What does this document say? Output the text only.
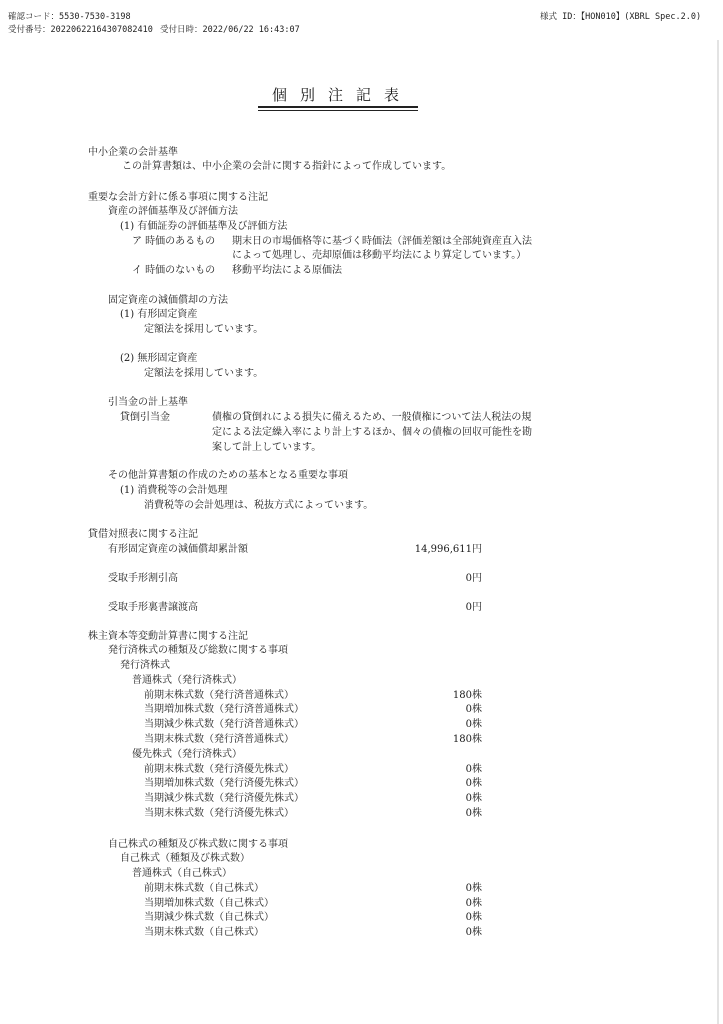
確認コード：5530-7530-3198
受付番号：20220622164307082410 受付日時：2022/06/22 16:43:07
様式 ID：【HON010】(XBRL Spec.2.0)
個別注記表
中小企業の会計基準
この計算書類は、中小企業の会計に関する指針によって作成しています。
重要な会計方針に係る事項に関する注記
資産の評価基準及び評価方法
(1) 有価証券の評価基準及び評価方法
ア 時価のあるもの 期末日の市場価格等に基づく時価法（評価差額は全部純資産直入法
によって処理し、売却原価は移動平均法により算定しています。）
イ 時価のないもの 移動平均法による原価法
固定資産の減価償却の方法
(1) 有形固定資産
定額法を採用しています。
(2) 無形固定資産
定額法を採用しています。
引当金の計上基準
貸倒引当金	債権の貸倒れによる損失に備えるため、一般債権について法人税法の規
定による法定繰入率により計上するほか、個々の債権の回収可能性を勘
案して計上しています。
その他計算書類の作成のための基本となる重要な事項
(1) 消費税等の会計処理
消費税等の会計処理は、税抜方式によっています。
貸借対照表に関する注記
有形固定資産の減価償却累計額	14,996,611円
受取手形割引高	0円
受取手形裏書譲渡高	0円
株主資本等変動計算書に関する注記
発行済株式の種類及び総数に関する事項
発行済株式
普通株式（発行済株式）
前期末株式数（発行済普通株式）	180株
当期増加株式数（発行済普通株式）	0株
当期減少株式数（発行済普通株式）	0株
当期末株式数（発行済普通株式）	180株
優先株式（発行済株式）
前期末株式数（発行済優先株式）	0株
当期増加株式数（発行済優先株式）	0株
当期減少株式数（発行済優先株式）	0株
当期末株式数（発行済優先株式）	0株
自己株式の種類及び株式数に関する事項
自己株式（種類及び株式数）
普通株式（自己株式）
前期末株式数（自己株式）	0株
当期増加株式数（自己株式）	0株
当期減少株式数（自己株式）	0株
当期末株式数（自己株式）	0株
